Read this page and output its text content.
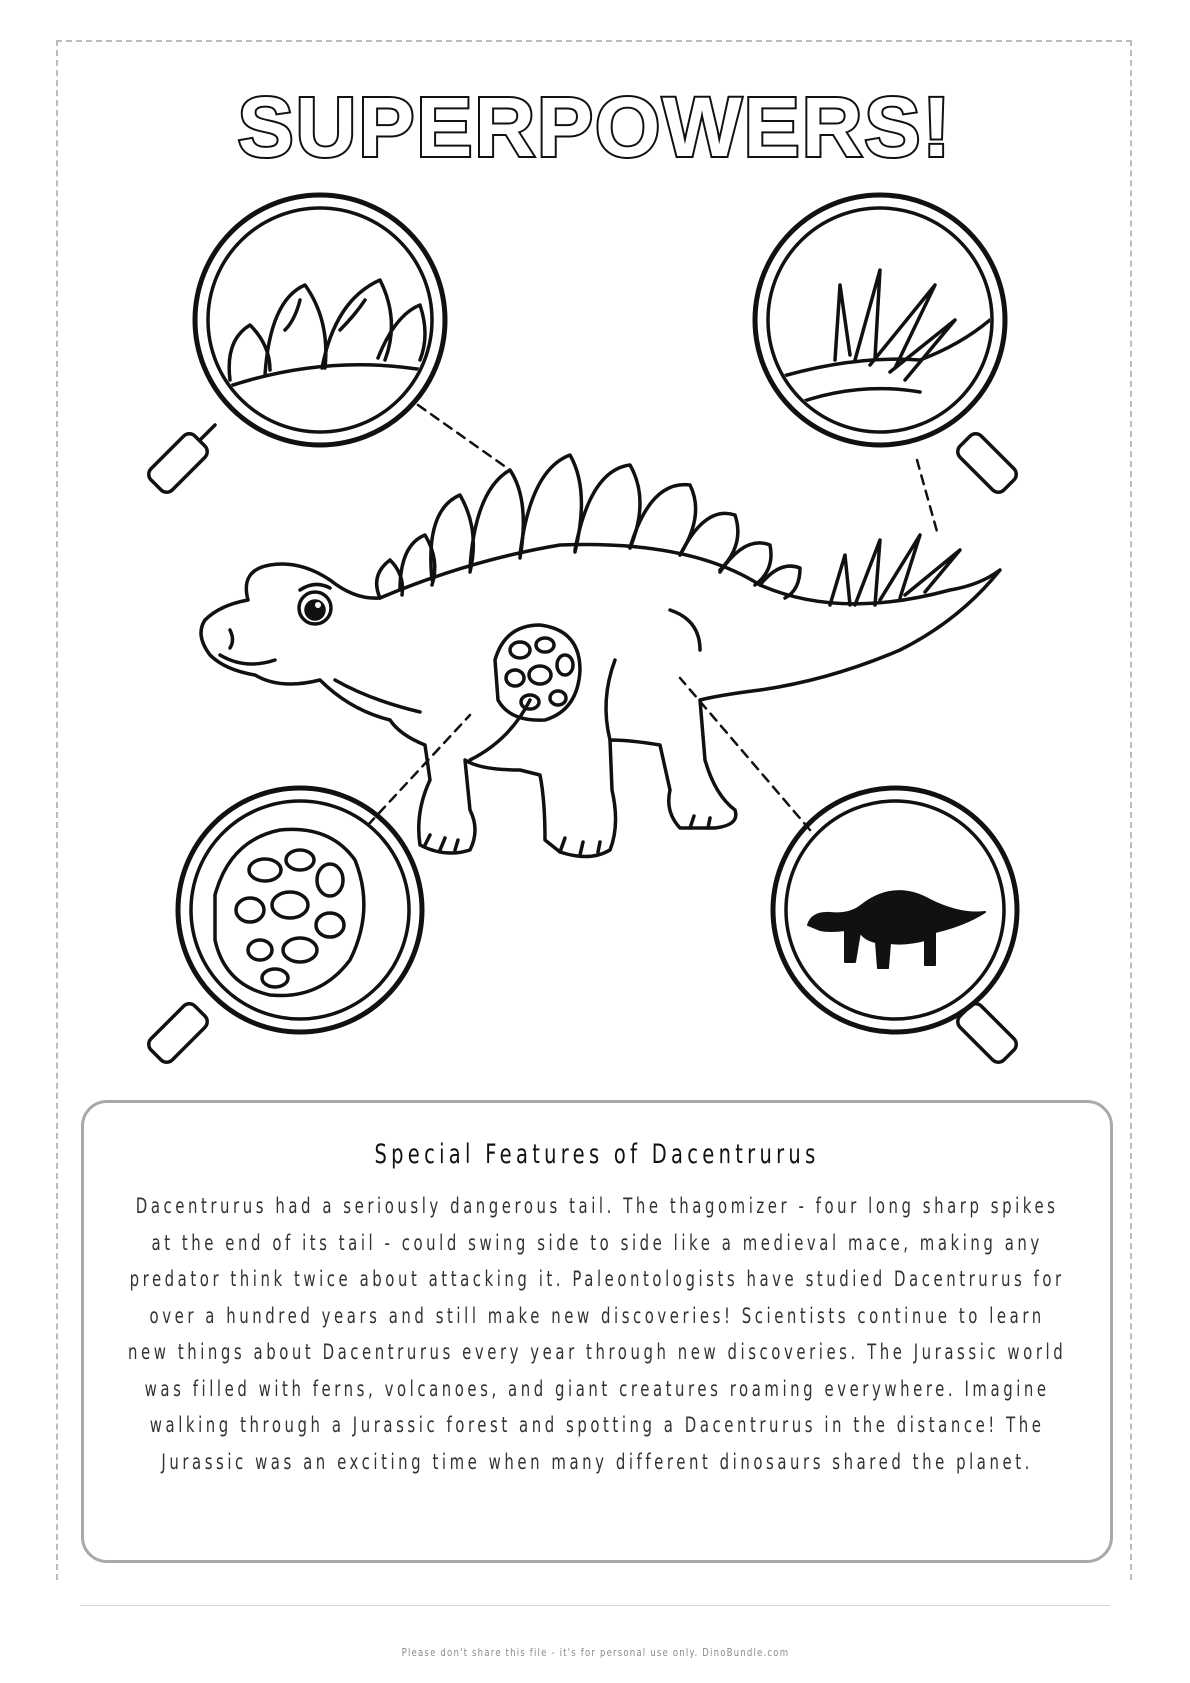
SUPERPOWERS!
Special Features of Dacentrurus
Dacentrurus had a seriously dangerous tail. The thagomizer - four long sharp spikes at the end of its tail - could swing side to side like a medieval mace, making any predator think twice about attacking it. Paleontologists have studied Dacentrurus for over a hundred years and still make new discoveries! Scientists continue to learn new things about Dacentrurus every year through new discoveries. The Jurassic world was filled with ferns, volcanoes, and giant creatures roaming everywhere. Imagine walking through a Jurassic forest and spotting a Dacentrurus in the distance! The Jurassic was an exciting time when many different dinosaurs shared the planet.
Please don't share this file - it's for personal use only. DinoBundle.com
